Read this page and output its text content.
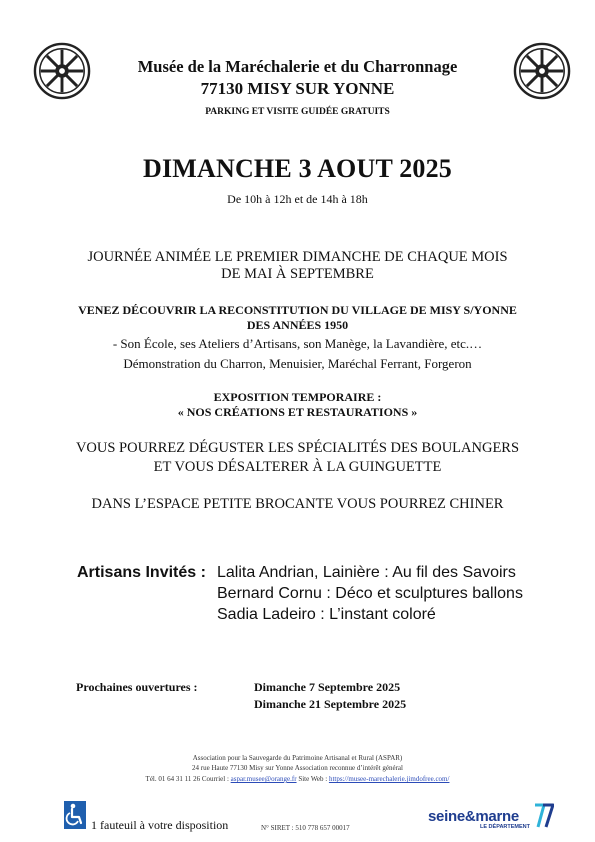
Musée de la Maréchalerie et du Charronnage
77130 MISY SUR YONNE
PARKING ET VISITE GUIDÉE GRATUITS
DIMANCHE 3 AOUT 2025
De 10h à 12h et de 14h à 18h
JOURNÉE ANIMÉE LE PREMIER DIMANCHE DE CHAQUE MOIS
DE MAI À SEPTEMBRE
VENEZ DÉCOUVRIR LA RECONSTITUTION DU VILLAGE DE MISY S/YONNE
DES ANNÉES 1950
- Son École, ses Ateliers d’Artisans, son Manège, la Lavandière, etc.…
Démonstration du Charron, Menuisier, Maréchal Ferrant, Forgeron
EXPOSITION TEMPORAIRE :
« NOS CRÉATIONS ET RESTAURATIONS »
VOUS POURREZ DÉGUSTER LES SPÉCIALITÉS DES BOULANGERS
ET VOUS DÉSALTERER À LA GUINGUETTE
DANS L’ESPACE PETITE BROCANTE VOUS POURREZ CHINER
Artisans Invités : Lalita Andrian, Lainière : Au fil des Savoirs
Bernard Cornu : Déco et sculptures ballons
Sadia Ladeiro : L’instant coloré
Prochaines ouvertures :	Dimanche 7 Septembre 2025
Dimanche 21 Septembre 2025
Association pour la Sauvegarde du Patrimoine Artisanal et Rural (ASPAR)
24 rue Haute 77130 Misy sur Yonne Association reconnue d’intérêt général
Tél. 01 64 31 11 26 Courriel : aspar.musee@orange.fr Site Web : https://musee-marechalerie.jimdofree.com/
1 fauteuil à votre disposition	N° SIRET : 510 778 657 00017
seine&marne
LE DÉPARTEMENT
